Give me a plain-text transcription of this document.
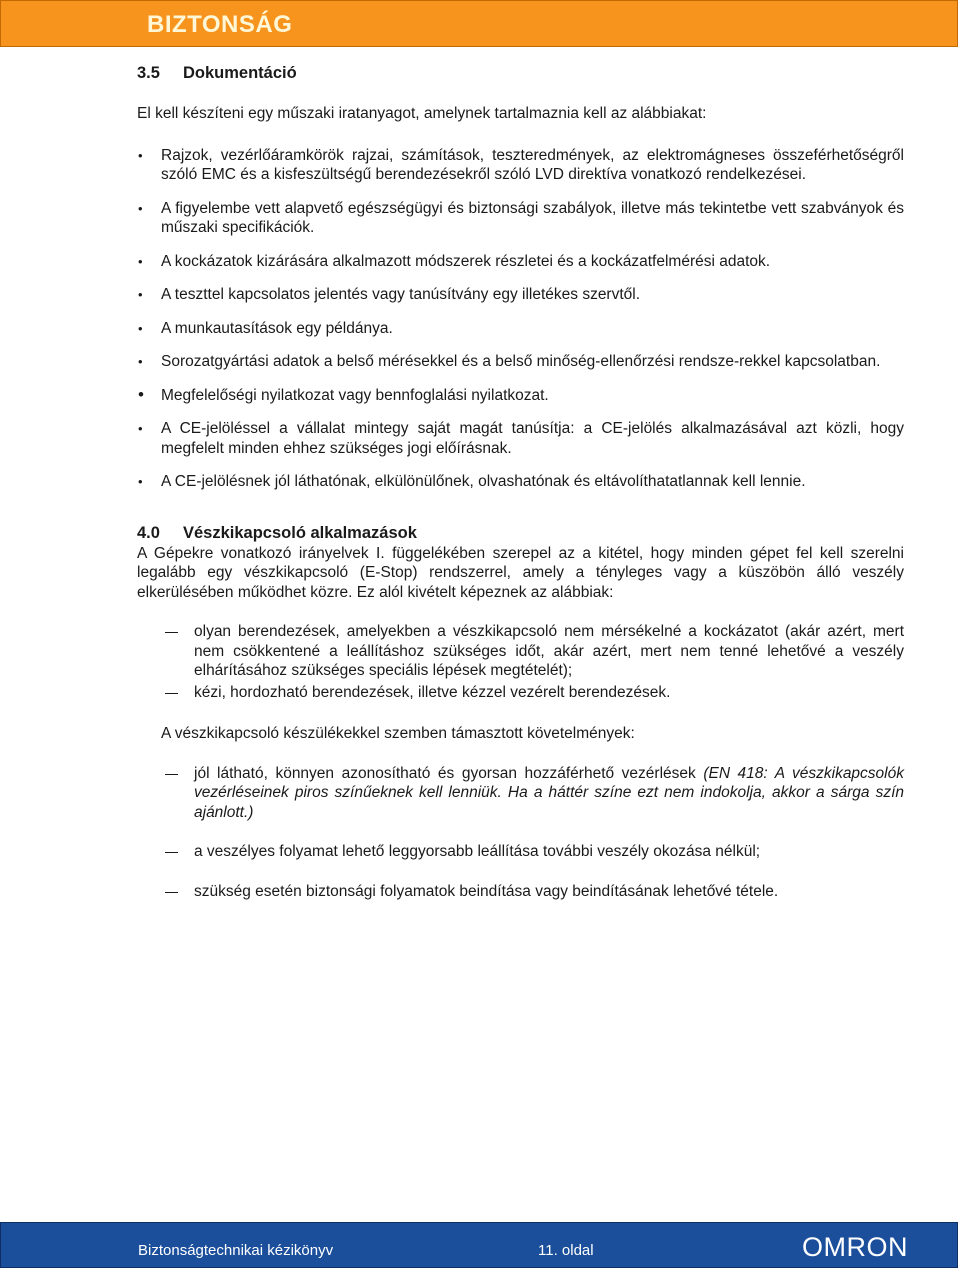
BIZTONSÁG
3.5 Dokumentáció

El kell készíteni egy műszaki iratanyagot, amelynek tartalmaznia kell az alábbiakat:

• Rajzok, vezérlőáramkörök rajzai, számítások, teszteredmények, az elektromágneses összeférhetőségről szóló EMC és a kisfeszültségű berendezésekről szóló LVD direktíva vonatkozó rendelkezései.
• A figyelembe vett alapvető egészségügyi és biztonsági szabályok, illetve más tekintetbe vett szabványok és műszaki specifikációk.
• A kockázatok kizárására alkalmazott módszerek részletei és a kockázatfelmérési adatok.
• A teszttel kapcsolatos jelentés vagy tanúsítvány egy illetékes szervtől.
• A munkautasítások egy példánya.
• Sorozatgyártási adatok a belső mérésekkel és a belső minőség-ellenőrzési rendsze-rekkel kapcsolatban.
• Megfelelőségi nyilatkozat vagy bennfoglalási nyilatkozat.
• A CE-jelöléssel a vállalat mintegy saját magát tanúsítja: a CE-jelölés alkalmazásával azt közli, hogy megfelelt minden ehhez szükséges jogi előírásnak.
• A CE-jelölésnek jól láthatónak, elkülönülőnek, olvashatónak és eltávolíthatatlannak kell lennie.
4.0 Vészkikapcsoló alkalmazások

A Gépekre vonatkozó irányelvek I. függelékében szerepel az a kitétel, hogy minden gépet fel kell szerelni legalább egy vészkikapcsoló (E-Stop) rendszerrel, amely a tényleges vagy a küszöbön álló veszély elkerülésében működhet közre. Ez alól kivételt képeznek az alábbiak:

olyan berendezések, amelyekben a vészkikapcsoló nem mérsékelné a kockázatot (akár azért, mert nem csökkentené a leállításhoz szükséges időt, akár azért, mert nem tenné lehetővé a veszély elhárításához szükséges speciális lépések megtételét);
kézi, hordozható berendezések, illetve kézzel vezérelt berendezések.

A vészkikapcsoló készülékekkel szemben támasztott követelmények:

jól látható, könnyen azonosítható és gyorsan hozzáférhető vezérlések (EN 418: A vészkikapcsolók vezérléseinek piros színűeknek kell lenniük. Ha a háttér színe ezt nem indokolja, akkor a sárga szín ajánlott.)
a veszélyes folyamat lehető leggyorsabb leállítása további veszély okozása nélkül;
szükség esetén biztonsági folyamatok beindítása vagy beindításának lehetővé tétele.
Biztonságtechnikai kézikönyv	11. oldal	OMRON
